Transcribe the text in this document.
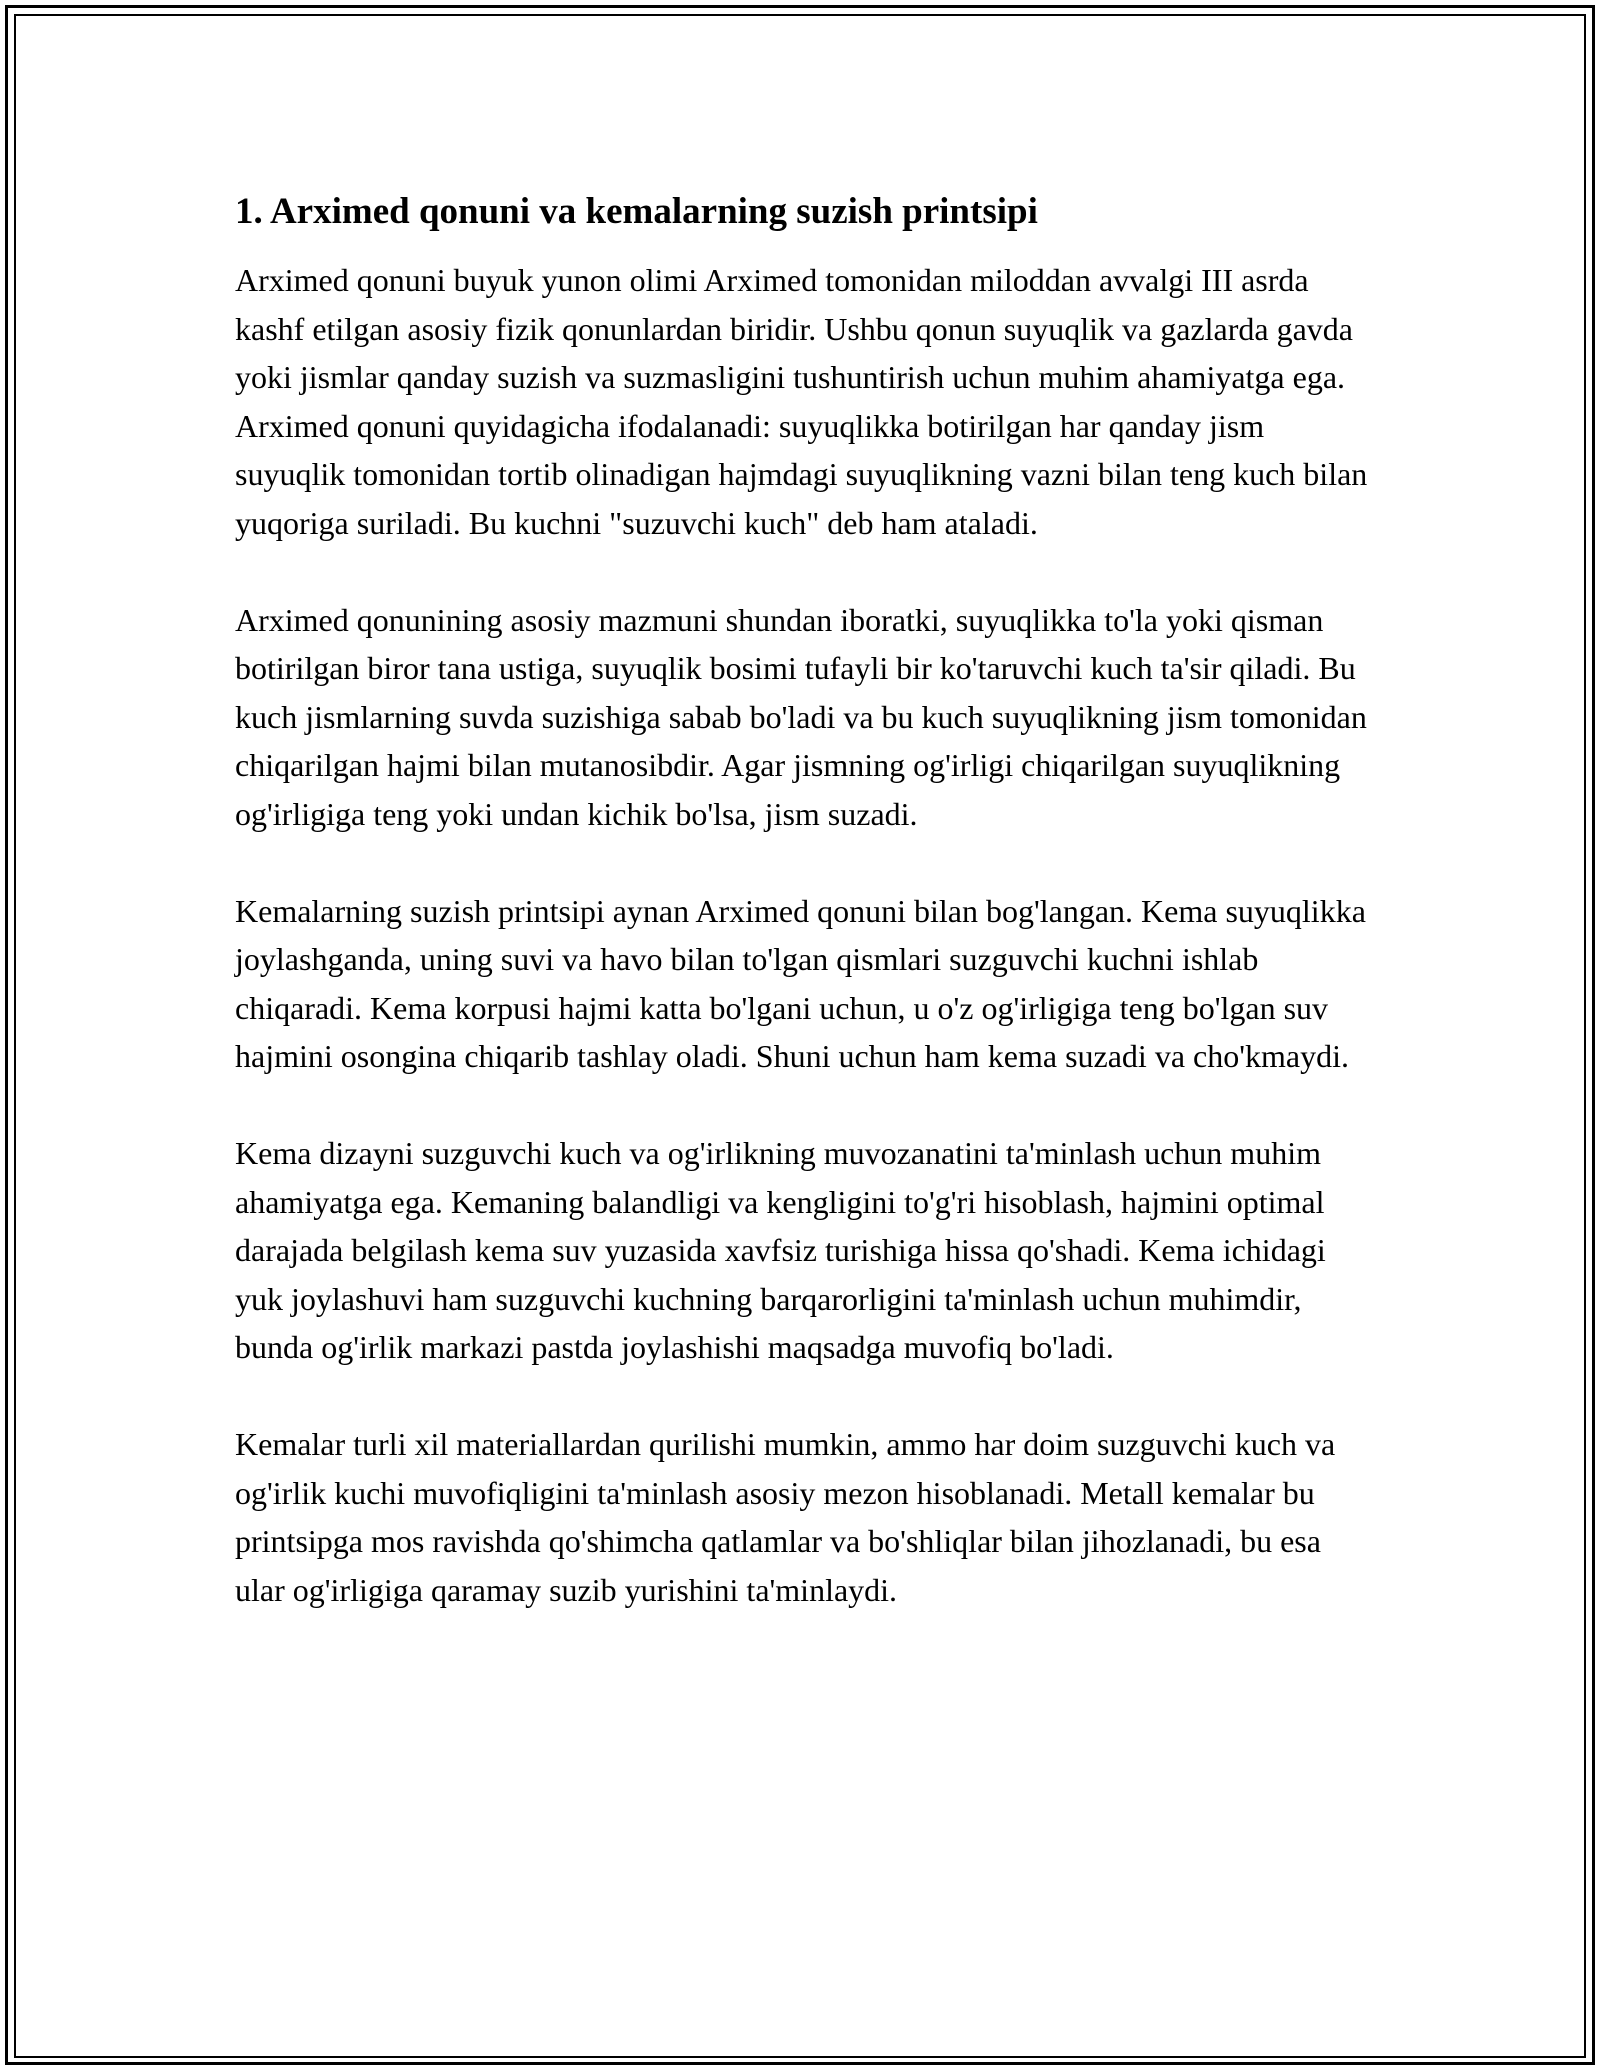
1. Arximed qonuni va kemalarning suzish printsipi

Arximed qonuni buyuk yunon olimi Arximed tomonidan miloddan avvalgi III asrda kashf etilgan asosiy fizik qonunlardan biridir. Ushbu qonun suyuqlik va gazlarda gavda yoki jismlar qanday suzish va suzmasligini tushuntirish uchun muhim ahamiyatga ega. Arximed qonuni quyidagicha ifodalanadi: suyuqlikka botirilgan har qanday jism suyuqlik tomonidan tortib olinadigan hajmdagi suyuqlikning vazni bilan teng kuch bilan yuqoriga suriladi. Bu kuchni "suzuvchi kuch" deb ham ataladi.

Arximed qonunining asosiy mazmuni shundan iboratki, suyuqlikka to'la yoki qisman botirilgan biror tana ustiga, suyuqlik bosimi tufayli bir ko'taruvchi kuch ta'sir qiladi. Bu kuch jismlarning suvda suzishiga sabab bo'ladi va bu kuch suyuqlikning jism tomonidan chiqarilgan hajmi bilan mutanosibdir. Agar jismning og'irligi chiqarilgan suyuqlikning og'irligiga teng yoki undan kichik bo'lsa, jism suzadi.

Kemalarning suzish printsipi aynan Arximed qonuni bilan bog'langan. Kema suyuqlikka joylashganda, uning suvi va havo bilan to'lgan qismlari suzguvchi kuchni ishlab chiqaradi. Kema korpusi hajmi katta bo'lgani uchun, u o'z og'irligiga teng bo'lgan suv hajmini osongina chiqarib tashlay oladi. Shuni uchun ham kema suzadi va cho'kmaydi.

Kema dizayni suzguvchi kuch va og'irlikning muvozanatini ta'minlash uchun muhim ahamiyatga ega. Kemaning balandligi va kengligini to'g'ri hisoblash, hajmini optimal darajada belgilash kema suv yuzasida xavfsiz turishiga hissa qo'shadi. Kema ichidagi yuk joylashuvi ham suzguvchi kuchning barqarorligini ta'minlash uchun muhimdir, bunda og'irlik markazi pastda joylashishi maqsadga muvofiq bo'ladi.

Kemalar turli xil materiallardan qurilishi mumkin, ammo har doim suzguvchi kuch va og'irlik kuchi muvofiqligini ta'minlash asosiy mezon hisoblanadi. Metall kemalar bu printsipga mos ravishda qo'shimcha qatlamlar va bo'shliqlar bilan jihozlanadi, bu esa ular og'irligiga qaramay suzib yurishini ta'minlaydi.
